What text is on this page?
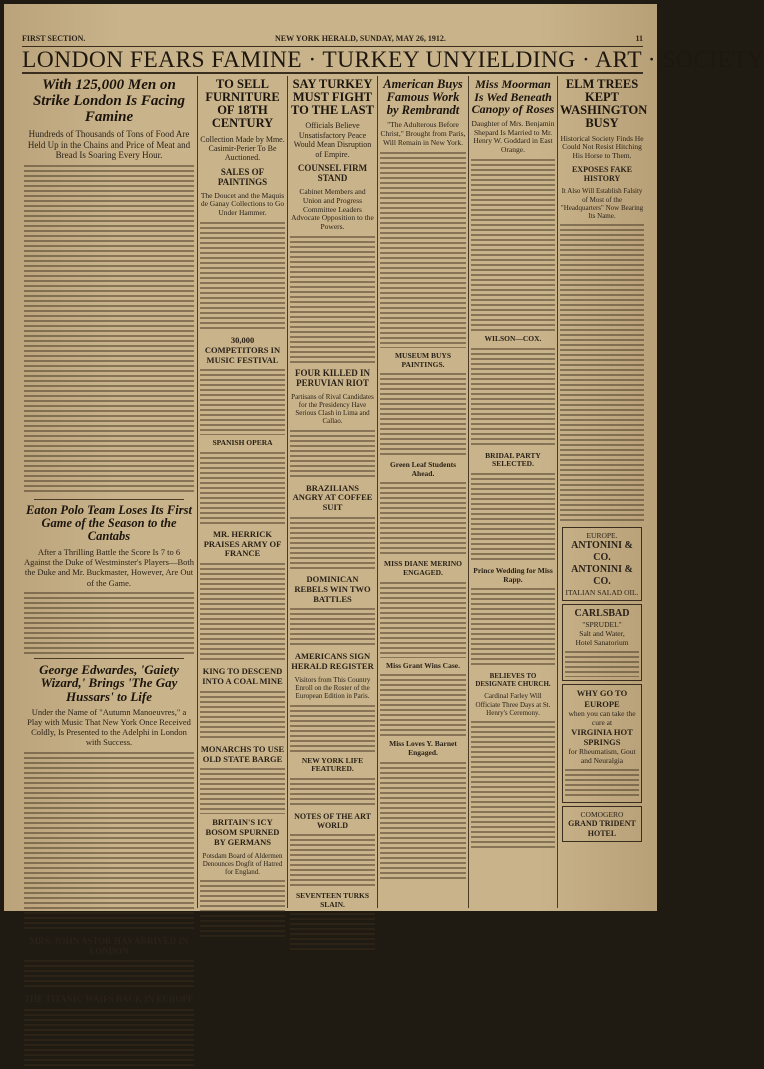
FIRST SECTION.	NEW YORK HERALD, SUNDAY, MAY 26, 1912.	11
LONDON FEARS FAMINE · TURKEY UNYIELDING · ART · SOCIETY
With 125,000 Men on Strike London Is Facing Famine
Hundreds of Thousands of Tons of Food Are Held Up in the Chains and Price of Meat and Bread Is Soaring Every Hour.
Eaton Polo Team Loses Its First Game of the Season to the Cantabs
After a Thrilling Battle the Score Is 7 to 6 Against the Duke of Westminster's Players—Both the Duke and Mr. Buckmaster, However, Are Out of the Game.
George Edwardes, 'Gaiety Wizard,' Brings 'The Gay Hussars' to Life
Under the Name of "Autumn Manoeuvres," a Play with Music That New York Once Received Coldly, Is Presented to the Adelphi in London with Success.
MRS. JOHN ASTOR HAS ARRIVED IN LONDON
THE TITANIC WAIFS BACK IN EUROPE
TO SELL FURNITURE OF 18TH CENTURY
Collection Made by Mme. Casimir-Perier To Be Auctioned.
SALES OF PAINTINGS
The Doucet and the Maquis de Ganay Collections to Go Under Hammer.
30,000 COMPETITORS IN MUSIC FESTIVAL
SPANISH OPERA
MR. HERRICK PRAISES ARMY OF FRANCE
KING TO DESCEND INTO A COAL MINE
MONARCHS TO USE OLD STATE BARGE
BRITAIN'S ICY BOSOM SPURNED BY GERMANS
Potsdam Board of Aldermen Denounces Dogfit of Hatred for England.
SAY TURKEY MUST FIGHT TO THE LAST
Officials Believe Unsatisfactory Peace Would Mean Disruption of Empire.
COUNSEL FIRM STAND
Cabinet Members and Union and Progress Committee Leaders Advocate Opposition to the Powers.
FOUR KILLED IN PERUVIAN RIOT
Partisans of Rival Candidates for the Presidency Have Serious Clash in Lima and Callao.
BRAZILIANS ANGRY AT COFFEE SUIT
DOMINICAN REBELS WIN TWO BATTLES
AMERICANS SIGN HERALD REGISTER
Visitors from This Country Enroll on the Roster of the European Edition in Paris.
NEW YORK LIFE FEATURED.
NOTES OF THE ART WORLD
SEVENTEEN TURKS SLAIN.
American Buys Famous Work by Rembrandt
"The Adulterous Before Christ," Brought from Paris, Will Remain in New York.
MUSEUM BUYS PAINTINGS.
Green Leaf Students Ahead.
MISS DIANE MERINO ENGAGED.
Miss Grant Wins Case.
Miss Loves Y. Barnet Engaged.
Miss Moorman Is Wed Beneath Canopy of Roses
Daughter of Mrs. Benjamin Shepard Is Married to Mr. Henry W. Goddard in East Orange.
WILSON—COX.
BRIDAL PARTY SELECTED.
Prince Wedding for Miss Rapp.
BELIEVES TO DESIGNATE CHURCH.
Cardinal Farley Will Officiate Three Days at St. Henry's Ceremony.
ELM TREES KEPT WASHINGTON BUSY
Historical Society Finds He Could Not Resist Hitching His Horse to Them.
EXPOSES FAKE HISTORY
It Also Will Establish Falsity of Most of the "Headquarters" Now Bearing Its Name.
EUROPE.
ANTONINI & CO.
ANTONINI & CO.
ITALIAN SALAD OIL.
CARLSBAD
"SPRUDEL"
Salt and Water,
Hotel Sanatorium
WHY GO TO EUROPE
when you can take the cure at
VIRGINIA HOT SPRINGS
for Rheumatism, Gout and Neuralgia
COMOGERO
GRAND TRIDENT HOTEL
